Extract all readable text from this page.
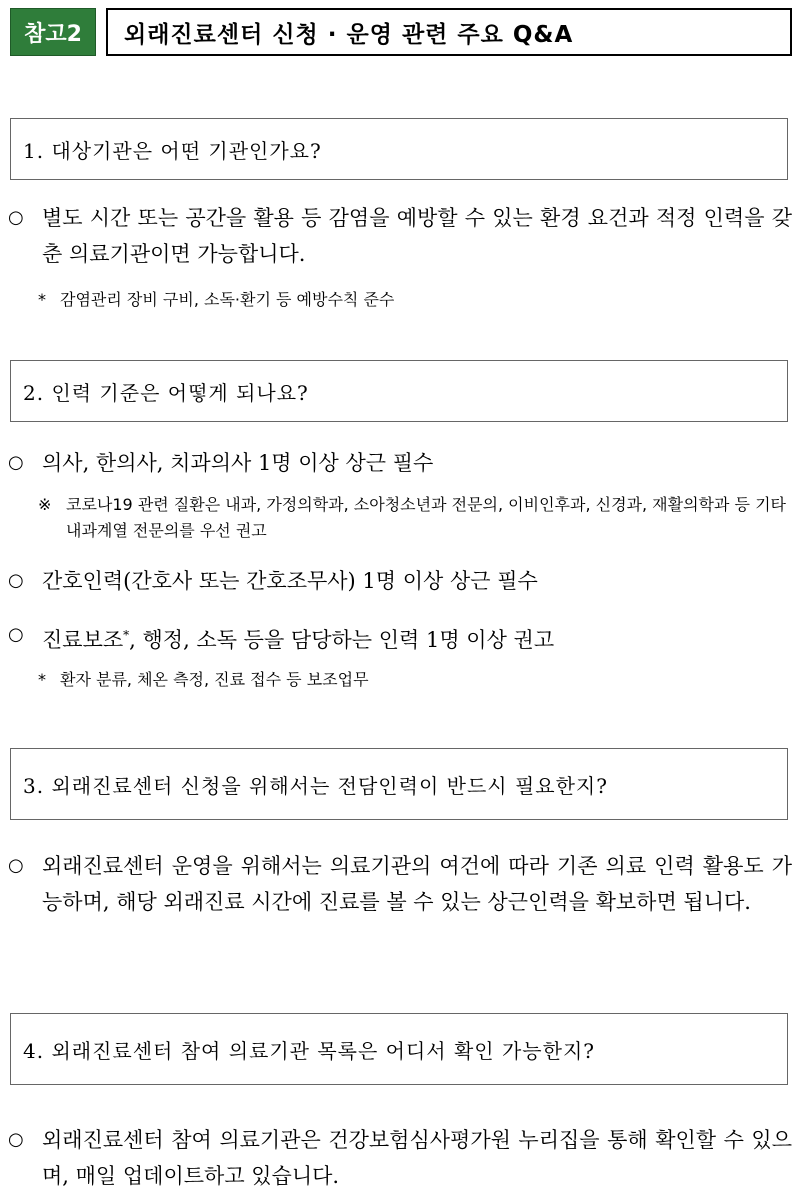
참고2	외래진료센터 신청 · 운영 관련 주요 Q&A
1. 대상기관은 어떤 기관인가요?
○ 별도 시간 또는 공간을 활용 등 감염을 예방할 수 있는 환경 요건과 적정 인력을 갖춘 의료기관이면 가능합니다.
* 감염관리 장비 구비, 소독·환기 등 예방수칙 준수
2. 인력 기준은 어떻게 되나요?
○ 의사, 한의사, 치과의사 1명 이상 상근 필수
※ 코로나19 관련 질환은 내과, 가정의학과, 소아청소년과 전문의, 이비인후과, 신경과, 재활의학과 등 기타 내과계열 전문의를 우선 권고
○ 간호인력(간호사 또는 간호조무사) 1명 이상 상근 필수
○ 진료보조*, 행정, 소독 등을 담당하는 인력 1명 이상 권고
* 환자 분류, 체온 측정, 진료 접수 등 보조업무
3. 외래진료센터 신청을 위해서는 전담인력이 반드시 필요한지?
○ 외래진료센터 운영을 위해서는 의료기관의 여건에 따라 기존 의료 인력 활용도 가능하며, 해당 외래진료 시간에 진료를 볼 수 있는 상근인력을 확보하면 됩니다.
4. 외래진료센터 참여 의료기관 목록은 어디서 확인 가능한지?
○ 외래진료센터 참여 의료기관은 건강보험심사평가원 누리집을 통해 확인할 수 있으며, 매일 업데이트하고 있습니다.
